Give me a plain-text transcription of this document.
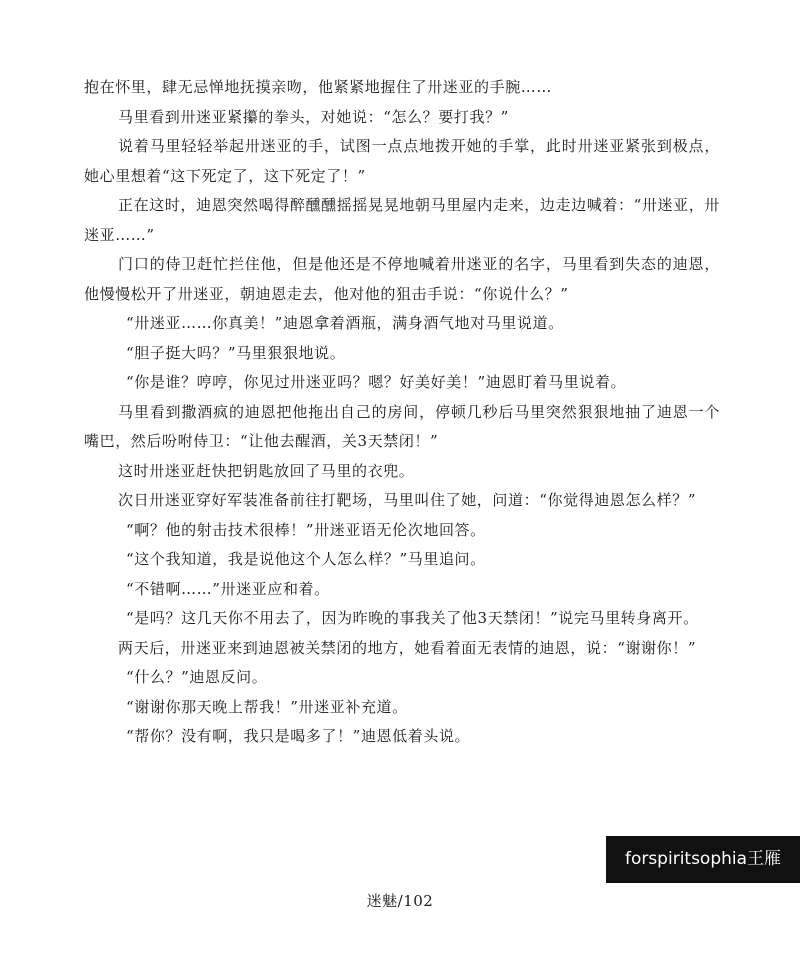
抱在怀里，肆无忌惮地抚摸亲吻，他紧紧地握住了卅迷亚的手腕……

马里看到卅迷亚紧攥的拳头，对她说：“怎么？要打我？”

说着马里轻轻举起卅迷亚的手，试图一点点地拨开她的手掌，此时卅迷亚紧张到极点，她心里想着“这下死定了，这下死定了！”

正在这时，迪恩突然喝得醉醺醺摇摇晃晃地朝马里屋内走来，边走边喊着：“卅迷亚，卅迷亚……”

门口的侍卫赶忙拦住他，但是他还是不停地喊着卅迷亚的名字，马里看到失态的迪恩，他慢慢松开了卅迷亚，朝迪恩走去，他对他的狙击手说：“你说什么？”

“卅迷亚……你真美！”迪恩拿着酒瓶，满身酒气地对马里说道。

“胆子挺大吗？”马里狠狠地说。

“你是谁？哼哼，你见过卅迷亚吗？嗯？好美好美！”迪恩盯着马里说着。

马里看到撒酒疯的迪恩把他拖出自己的房间，停顿几秒后马里突然狠狠地抽了迪恩一个嘴巴，然后吩咐侍卫：“让他去醒酒，关3天禁闭！”

这时卅迷亚赶快把钥匙放回了马里的衣兜。

次日卅迷亚穿好军装准备前往打靶场，马里叫住了她，问道：“你觉得迪恩怎么样？”

“啊？他的射击技术很棒！”卅迷亚语无伦次地回答。

“这个我知道，我是说他这个人怎么样？”马里追问。

“不错啊……”卅迷亚应和着。

“是吗？这几天你不用去了，因为昨晚的事我关了他3天禁闭！”说完马里转身离开。

两天后，卅迷亚来到迪恩被关禁闭的地方，她看着面无表情的迪恩，说：“谢谢你！”

“什么？”迪恩反问。

“谢谢你那天晚上帮我！”卅迷亚补充道。

“帮你？没有啊，我只是喝多了！”迪恩低着头说。

forspiritsophia王雁
迷魅/102
